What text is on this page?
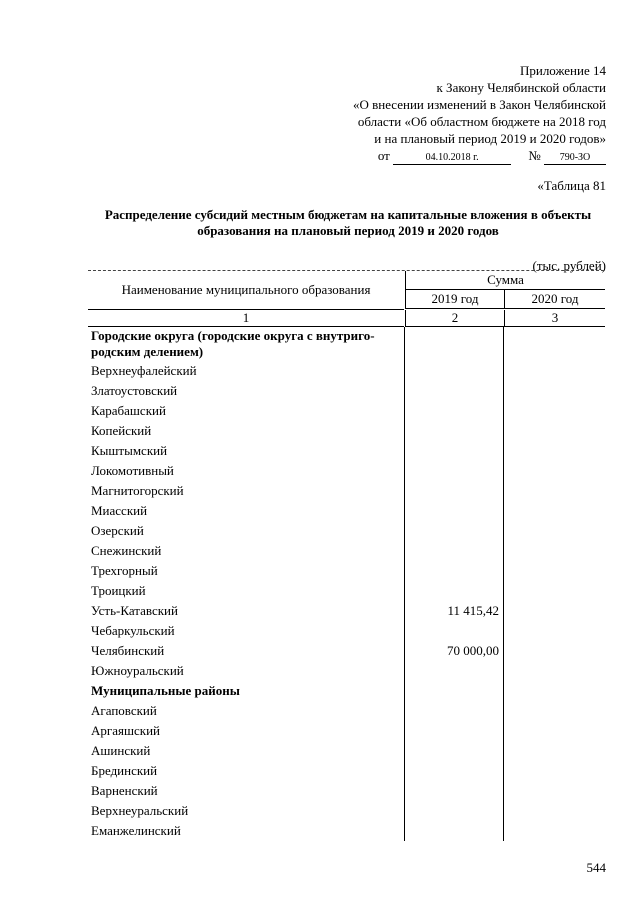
Приложение 14
к Закону Челябинской области
«О внесении изменений в Закон Челябинской
области «Об областном бюджете на 2018 год
и на плановый период 2019 и 2020 годов»
от	04.10.2018 г.	№ 790-ЗО
«Таблица 81
Распределение субсидий местным бюджетам на капитальные вложения в объекты образования на плановый период 2019 и 2020 годов
(тыс. рублей)
Наименование муниципального образования
Сумма
2019 год	2020 год
1	2	3
Городские округа (городские округа с внутриго-родским делением)
Верхнеуфалейский
Златоустовский
Карабашский
Копейский
Кыштымский
Локомотивный
Магнитогорский
Миасский
Озерский
Снежинский
Трехгорный
Троицкий
Усть-Катавский	11 415,42
Чебаркульский
Челябинский	70 000,00
Южноуральский
Муниципальные районы
Агаповский
Аргаяшский
Ашинский
Брединский
Варненский
Верхнеуральский
Еманжелинский
544
